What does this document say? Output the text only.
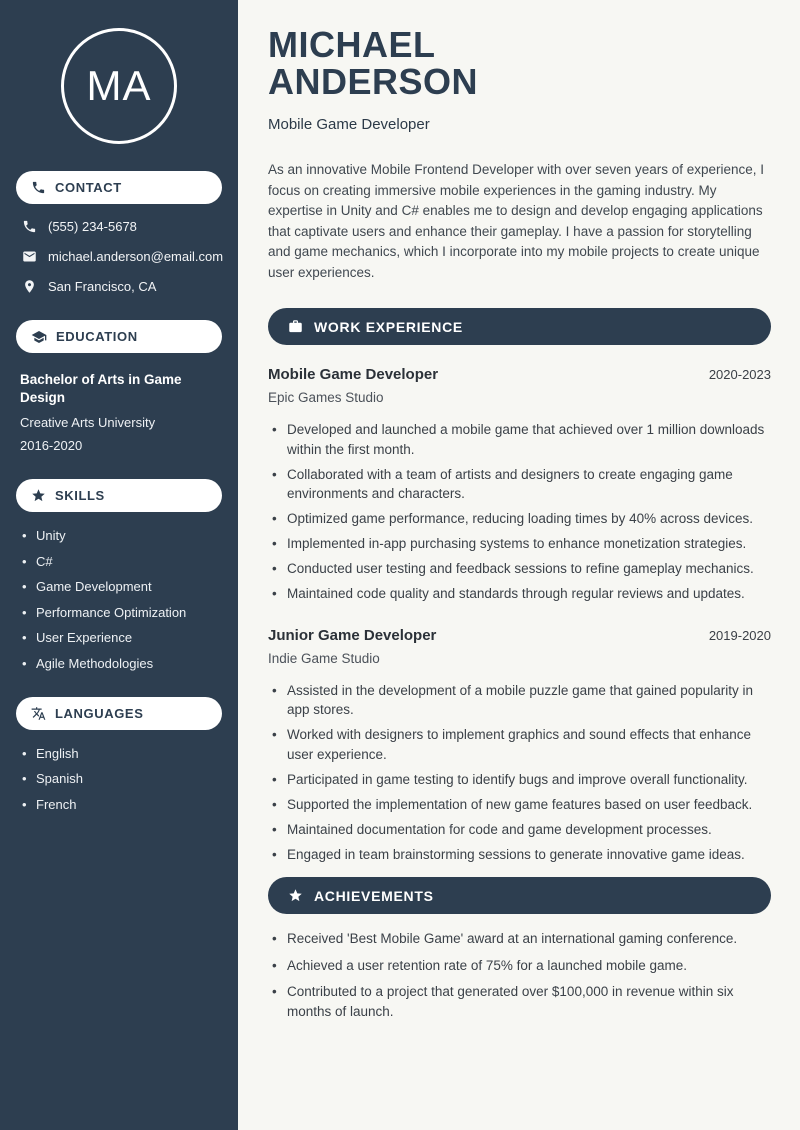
MA
CONTACT
(555) 234-5678
michael.anderson@email.com
San Francisco, CA
EDUCATION
Bachelor of Arts in Game Design
Creative Arts University
2016-2020
SKILLS
• Unity
• C#
• Game Development
• Performance Optimization
• User Experience
• Agile Methodologies
LANGUAGES
• English
• Spanish
• French
MICHAEL
ANDERSON
Mobile Game Developer

As an innovative Mobile Frontend Developer with over seven years of experience, I focus on creating immersive mobile experiences in the gaming industry. My expertise in Unity and C# enables me to design and develop engaging applications that captivate users and enhance their gameplay. I have a passion for storytelling and game mechanics, which I incorporate into my mobile projects to create unique user experiences.

WORK EXPERIENCE
Mobile Game Developer	2020-2023
Epic Games Studio
• Developed and launched a mobile game that achieved over 1 million downloads within the first month.
• Collaborated with a team of artists and designers to create engaging game environments and characters.
• Optimized game performance, reducing loading times by 40% across devices.
• Implemented in-app purchasing systems to enhance monetization strategies.
• Conducted user testing and feedback sessions to refine gameplay mechanics.
• Maintained code quality and standards through regular reviews and updates.
Junior Game Developer	2019-2020
Indie Game Studio
• Assisted in the development of a mobile puzzle game that gained popularity in app stores.
• Worked with designers to implement graphics and sound effects that enhance user experience.
• Participated in game testing to identify bugs and improve overall functionality.
• Supported the implementation of new game features based on user feedback.
• Maintained documentation for code and game development processes.
• Engaged in team brainstorming sessions to generate innovative game ideas.
ACHIEVEMENTS
• Received 'Best Mobile Game' award at an international gaming conference.
• Achieved a user retention rate of 75% for a launched mobile game.
• Contributed to a project that generated over $100,000 in revenue within six months of launch.
